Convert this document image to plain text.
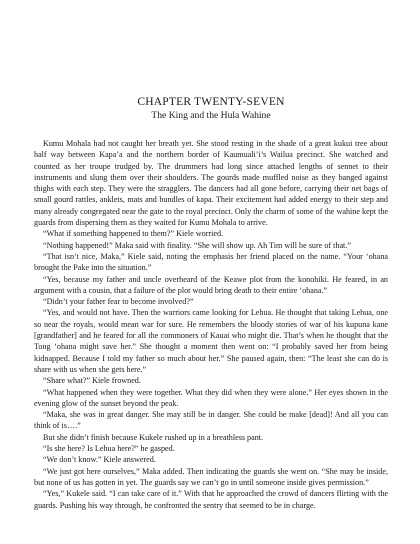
CHAPTER TWENTY-SEVEN
The King and the Hula Wahine

Kumu Mohala had not caught her breath yet. She stood resting in the shade of a great kukui tree about half way between Kapa’a and the northern border of Kaumuali’i’s Wailua precinct. She watched and counted as her troupe trudged by. The drummers had long since attached lengths of sennet to their instruments and slung them over their shoulders. The gourds made muffled noise as they banged against thighs with each step. They were the stragglers. The dancers had all gone before, carrying their net bags of small gourd rattles, anklets, mats and bundles of kapa. Their excitement had added energy to their step and many already congregated near the gate to the royal precinct. Only the charm of some of the wahine kept the guards from dispersing them as they waited for Kumu Mohala to arrive.

“What if something happened to them?” Kiele worried.

“Nothing happened!” Maka said with finality. “She will show up. Ah Tim will be sure of that.”

“That isn’t nice, Maka,” Kiele said, noting the emphasis her friend placed on the name. “Your ‘ohana brought the Pake into the situation.”

“Yes, because my father and uncle overheard of the Keawe plot from the konohiki. He feared, in an argument with a cousin, that a failure of the plot would bring death to their entire ‘ohana.”

“Didn’t your father fear to become involved?”

“Yes, and would not have. Then the warriors came looking for Lehua. He thought that taking Lehua, one so near the royals, would mean war for sure. He remembers the bloody stories of war of his kupuna kane [grandfather] and he feared for all the commoners of Kauai who might die. That’s when he thought that the Tong ‘ohana might save her.” She thought a moment then went on: “I probably saved her from being kidnapped. Because I told my father so much about her.” She paused again, then: “The least she can do is share with us when she gets here.”

“Share what?” Kiele frowned.

“What happened when they were together. What they did when they were alone.” Her eyes shown in the evening glow of the sunset beyond the peak.

“Maka, she was in great danger. She may still be in danger. She could be make [dead]! And all you can think of is….”

But she didn’t finish because Kukele rushed up in a breathless pant.

“Is she here? Is Lehua here?” he gasped.

“We don’t know.” Kiele answered.

“We just got here ourselves,” Maka added. Then indicating the guards she went on. “She may be inside, but none of us has gotten in yet. The guards say we can’t go in until someone inside gives permission.”

“Yes,” Kukele said. “I can take care of it.” With that he approached the crowd of dancers flirting with the guards. Pushing his way through, he confronted the sentry that seemed to be in charge.
